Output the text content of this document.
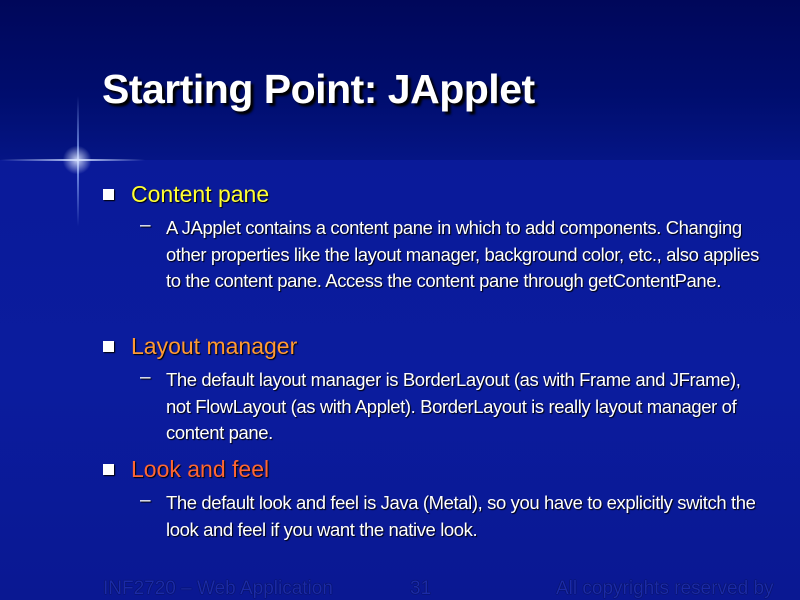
Starting Point: JApplet
Content pane
– A JApplet contains a content pane in which to add components. Changing other properties like the layout manager, background color, etc., also applies to the content pane. Access the content pane through getContentPane.
Layout manager
– The default layout manager is BorderLayout (as with Frame and JFrame), not FlowLayout (as with Applet). BorderLayout is really layout manager of content pane.
Look and feel
– The default look and feel is Java (Metal), so you have to explicitly switch the look and feel if you want the native look.
INF2720 – Web Application	31	All copyrights reserved by
